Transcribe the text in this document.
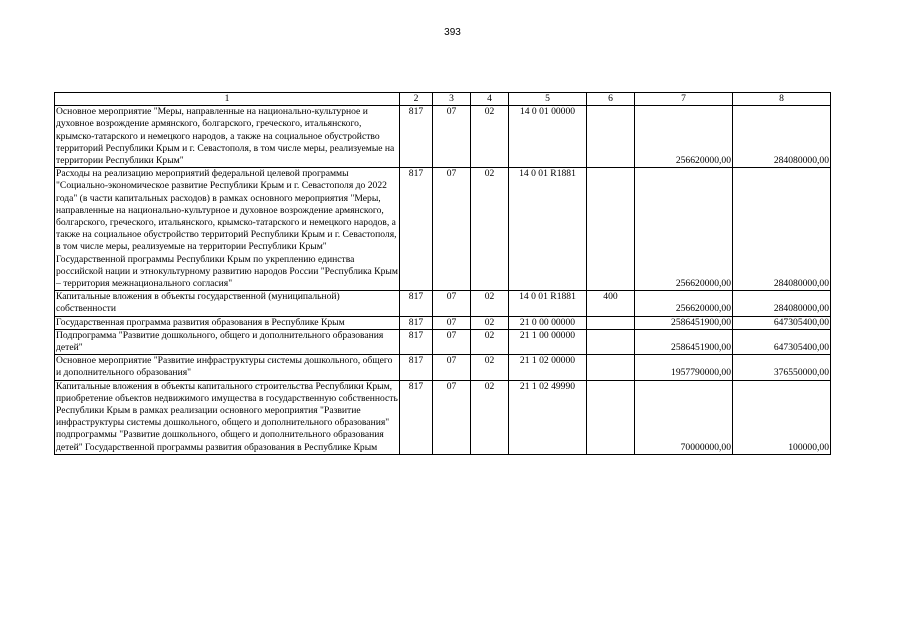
393
1	2	3	4	5	6	7	8
Основное мероприятие "Меры, направленные на национально-культурное и духовное возрождение армянского, болгарского, греческого, итальянского, крымско-татарского и немецкого народов, а также на социальное обустройство территорий Республики Крым и г. Севастополя, в том числе меры, реализуемые на территории Республики Крым"	817	07	02	14 0 01 00000		256620000,00	284080000,00
Расходы на реализацию мероприятий федеральной целевой программы "Социально-экономическое развитие Республики Крым и г. Севастополя до 2022 года" (в части капитальных расходов) в рамках основного мероприятия "Меры, направленные на национально-культурное и духовное возрождение армянского, болгарского, греческого, итальянского, крымско-татарского и немецкого народов, а также на социальное обустройство территорий Республики Крым и г. Севастополя, в том числе меры, реализуемые на территории Республики Крым" Государственной программы Республики Крым по укреплению единства российской нации и этнокультурному развитию народов России "Республика Крым – территория межнационального согласия"	817	07	02	14 0 01 R1881		256620000,00	284080000,00
Капитальные вложения в объекты государственной (муниципальной) собственности	817	07	02	14 0 01 R1881	400	256620000,00	284080000,00
Государственная программа развития образования в Республике Крым	817	07	02	21 0 00 00000		2586451900,00	647305400,00
Подпрограмма "Развитие дошкольного, общего и дополнительного образования детей"	817	07	02	21 1 00 00000		2586451900,00	647305400,00
Основное мероприятие "Развитие инфраструктуры системы дошкольного, общего и дополнительного образования"	817	07	02	21 1 02 00000		1957790000,00	376550000,00
Капитальные вложения в объекты капитального строительства Республики Крым, приобретение объектов недвижимого имущества в государственную собственность Республики Крым в рамках реализации основного мероприятия "Развитие инфраструктуры системы дошкольного, общего и дополнительного образования" подпрограммы "Развитие дошкольного, общего и дополнительного образования детей" Государственной программы развития образования в Республике Крым	817	07	02	21 1 02 49990		70000000,00	100000,00
